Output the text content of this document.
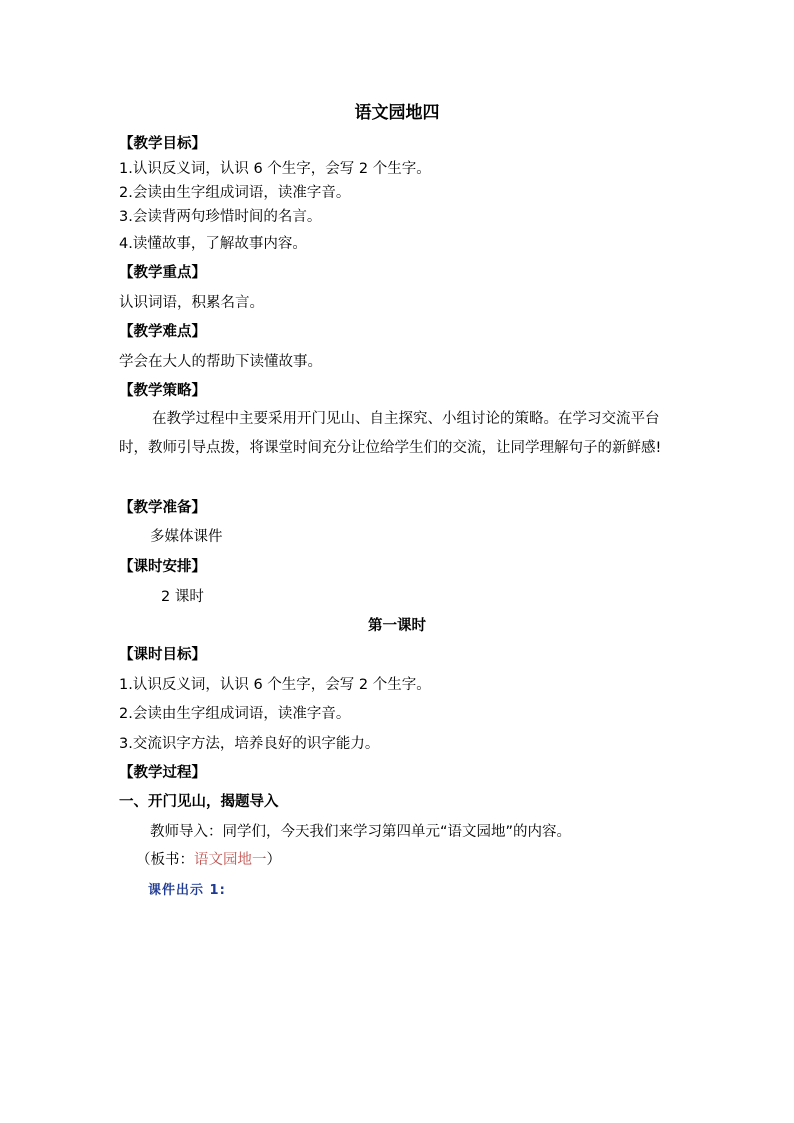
语文园地四
【教学目标】
1.认识反义词，认识 6 个生字，会写 2 个生字。
2.会读由生字组成词语，读准字音。
3.会读背两句珍惜时间的名言。
4.读懂故事，了解故事内容。
【教学重点】
认识词语，积累名言。
【教学难点】
学会在大人的帮助下读懂故事。
【教学策略】
在教学过程中主要采用开门见山、自主探究、小组讨论的策略。在学习交流平台时，教师引导点拨，将课堂时间充分让位给学生们的交流，让同学理解句子的新鲜感!
【教学准备】
多媒体课件
【课时安排】
2 课时
第一课时
【课时目标】
1.认识反义词，认识 6 个生字，会写 2 个生字。
2.会读由生字组成词语，读准字音。
3.交流识字方法，培养良好的识字能力。
【教学过程】
一、开门见山，揭题导入
教师导入：同学们，今天我们来学习第四单元“语文园地”的内容。
（板书：语文园地一）
课件出示 1:
